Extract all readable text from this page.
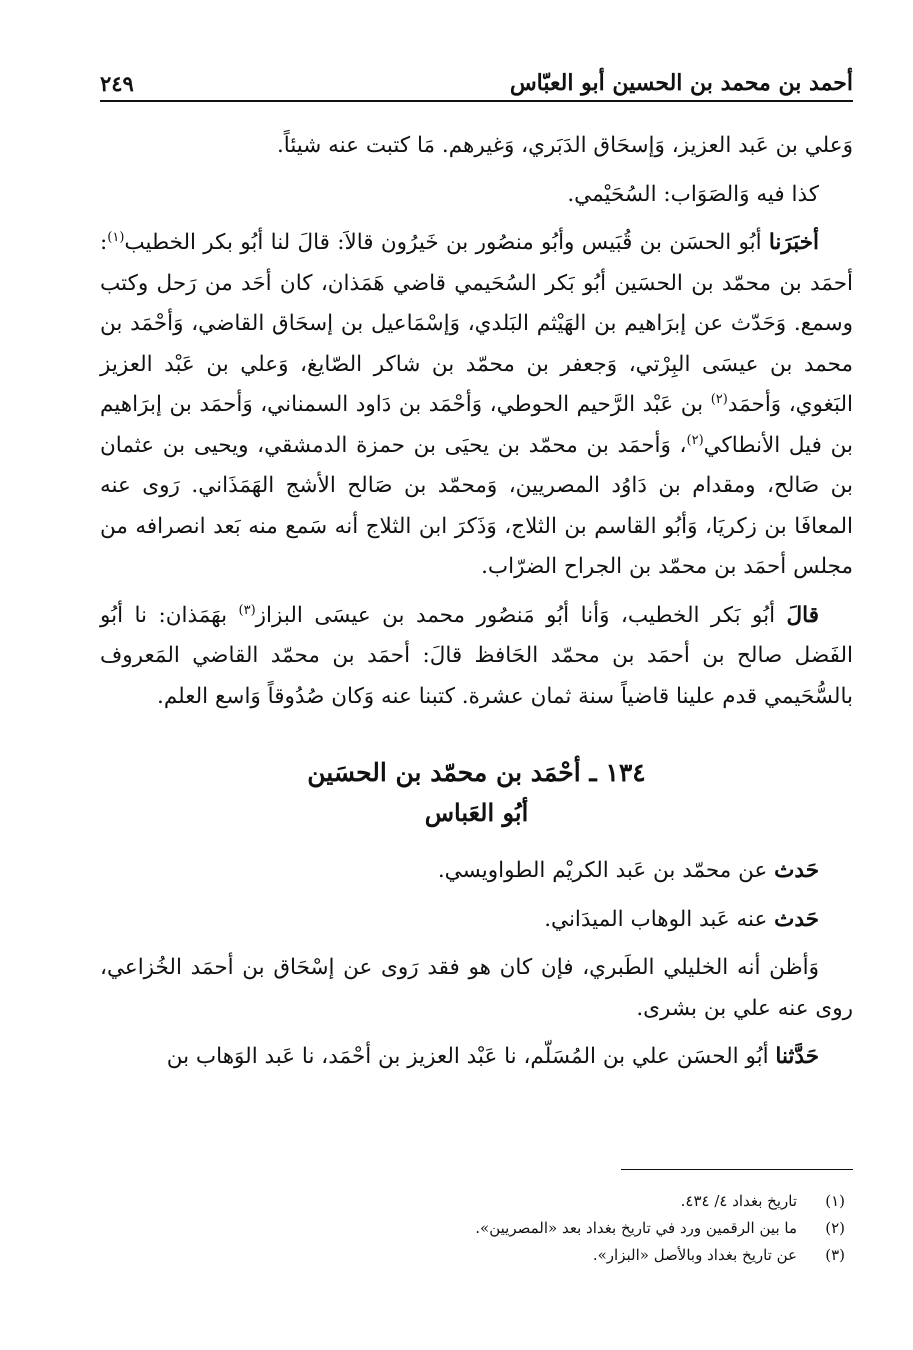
أحمد بن محمد بن الحسين أبو العبّاس
٢٤٩

وَعلي بن عَبد العزيز، وَإسحَاق الدَبَري، وَغيرهم. مَا كتبت عنه شيئاً.

كذا فيه وَالصَوَاب: السُحَيْمي.

أخبَرَنا أبُو الحسَن بن قُبَيس وأبُو منصُور بن خَيرُون قالاَ: قالَ لنا أبُو بكر الخطيب$^{(١)}$: أحمَد بن محمّد بن الحسَين أبُو بَكر السُحَيمي قاضي هَمَذان، كان أحَد من رَحل وكتب وسمع. وَحَدّث عن إبرَاهيم بن الهَيْثم البَلدي، وَإسْمَاعيل بن إسحَاق القاضي، وَأحْمَد بن محمد بن عيسَى البِرْتي، وَجعفر بن محمّد بن شاكر الصّايغ، وَعلي بن عَبْد العزيز البَغوي، وَأحمَد$^{(٢)}$ بن عَبْد الرَّحيم الحوطي، وَأحْمَد بن دَاود السمناني، وَأحمَد بن إبرَاهيم بن فيل الأنطاكي$^{(٢)}$، وَأحمَد بن محمّد بن يحيَى بن حمزة الدمشقي، ويحيى بن عثمان بن صَالح، ومقدام بن دَاوُد المصريين، وَمحمّد بن صَالح الأشج الهَمَذَاني. رَوى عنه المعافَا بن زكريَا، وَأبُو القاسم بن الثلاج، وَذَكرَ ابن الثلاج أنه سَمع منه بَعد انصرافه من مجلس أحمَد بن محمّد بن الجراح الضرّاب.

قالَ أبُو بَكر الخطيب، وَأنا أبُو مَنصُور محمد بن عيسَى البزاز$^{(٣)}$ بهَمَذان: نا أبُو الفَضل صالح بن أحمَد بن محمّد الحَافظ قالَ: أحمَد بن محمّد القاضي المَعروف بالسُّحَيمي قدم علينا قاضياً سنة ثمان عشرة. كتبنا عنه وَكان صُدُوقاً وَاسع العلم.

١٣٤ ـ أحْمَد بن محمّد بن الحسَين
أبُو العَباس

حَدث عن محمّد بن عَبد الكريْم الطواويسي.

حَدث عنه عَبد الوهاب الميدَاني.

وَأظن أنه الخليلي الطَبري، فإن كان هو فقد رَوى عن إسْحَاق بن أحمَد الخُزاعي، روى عنه علي بن بشرى.

حَدَّثنا أبُو الحسَن علي بن المُسَلّم، نا عَبْد العزيز بن أحْمَد، نا عَبد الوَهاب بن

(١)
تاريخ بغداد ٤/ ٤٣٤.
(٢)
ما بين الرقمين ورد في تاريخ بغداد بعد «المصريين».
(٣)
عن تاريخ بغداد وبالأصل «البزار».
